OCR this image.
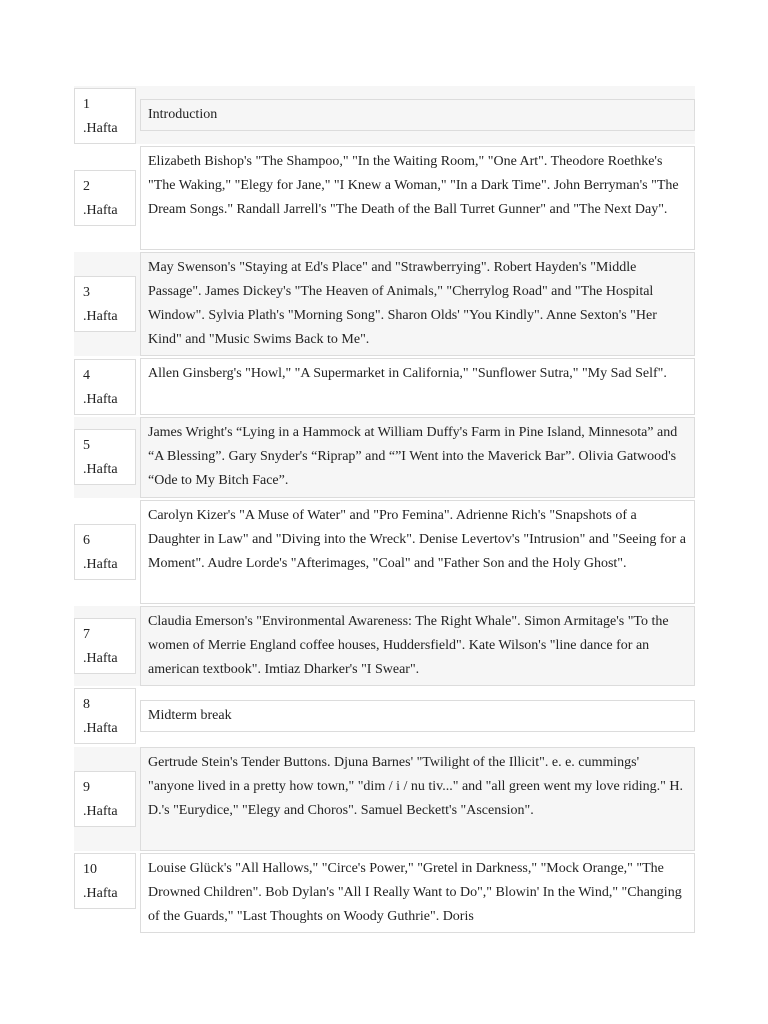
1
.Hafta
Introduction
2
.Hafta
Elizabeth Bishop's "The Shampoo," "In the Waiting Room," "One Art". Theodore Roethke's "The Waking," "Elegy for Jane," "I Knew a Woman," "In a Dark Time". John Berryman's "The Dream Songs." Randall Jarrell's "The Death of the Ball Turret Gunner" and "The Next Day".
3
.Hafta
May Swenson's "Staying at Ed's Place" and "Strawberrying". Robert Hayden's "Middle Passage". James Dickey's "The Heaven of Animals," "Cherrylog Road" and "The Hospital Window". Sylvia Plath's "Morning Song". Sharon Olds' "You Kindly". Anne Sexton's "Her Kind" and "Music Swims Back to Me".
4
.Hafta
Allen Ginsberg's "Howl," "A Supermarket in California," "Sunflower Sutra," "My Sad Self".
5
.Hafta
James Wright's “Lying in a Hammock at William Duffy's Farm in Pine Island, Minnesota” and “A Blessing”. Gary Snyder's “Riprap” and “”I Went into the Maverick Bar”. Olivia Gatwood's “Ode to My Bitch Face”.
6
.Hafta
Carolyn Kizer's "A Muse of Water" and "Pro Femina". Adrienne Rich's "Snapshots of a Daughter in Law" and "Diving into the Wreck". Denise Levertov's "Intrusion" and "Seeing for a Moment". Audre Lorde's "Afterimages, "Coal" and "Father Son and the Holy Ghost".
7
.Hafta
Claudia Emerson's "Environmental Awareness: The Right Whale". Simon Armitage's "To the women of Merrie England coffee houses, Huddersfield". Kate Wilson's "line dance for an american textbook". Imtiaz Dharker's "I Swear".
8
.Hafta
Midterm break
9
.Hafta
Gertrude Stein's Tender Buttons. Djuna Barnes' "Twilight of the Illicit". e. e. cummings' "anyone lived in a pretty how town," "dim / i / nu tiv..." and "all green went my love riding." H. D.'s "Eurydice," "Elegy and Choros". Samuel Beckett's "Ascension".
10
.Hafta
Louise Glück's "All Hallows," "Circe's Power," "Gretel in Darkness," "Mock Orange," "The Drowned Children". Bob Dylan's "All I Really Want to Do"," Blowin' In the Wind," "Changing of the Guards," "Last Thoughts on Woody Guthrie". Doris
